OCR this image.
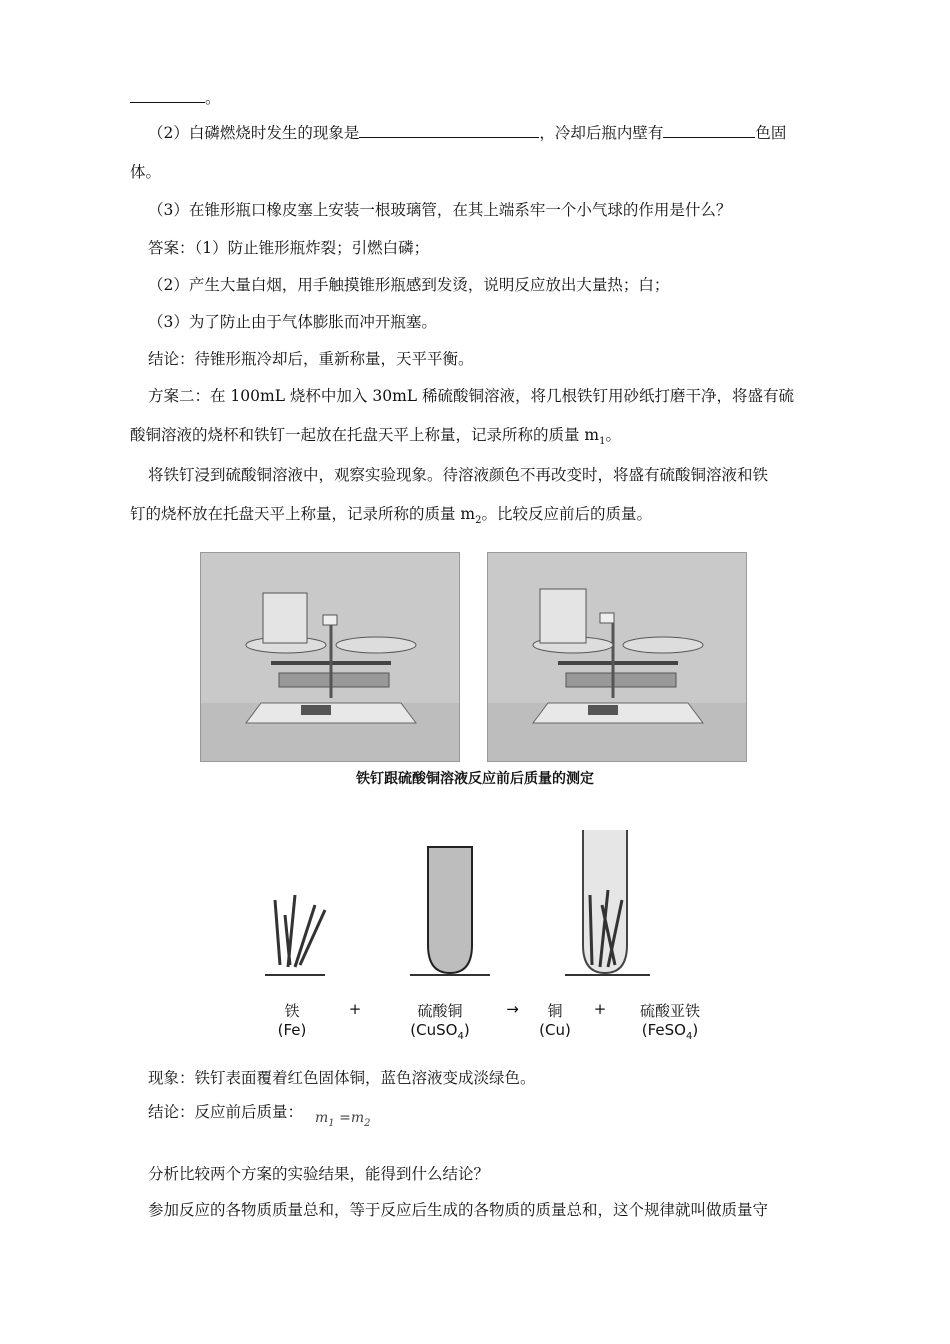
。
（2）白磷燃烧时发生的现象是	，冷却后瓶内壁有	色固
体。
（3）在锥形瓶口橡皮塞上安装一根玻璃管，在其上端系牢一个小气球的作用是什么？
答案：（1）防止锥形瓶炸裂；引燃白磷；
（2）产生大量白烟，用手触摸锥形瓶感到发烫，说明反应放出大量热；白；
（3）为了防止由于气体膨胀而冲开瓶塞。
结论：待锥形瓶冷却后，重新称量，天平平衡。
方案二：在 100mL 烧杯中加入 30mL 稀硫酸铜溶液，将几根铁钉用砂纸打磨干净，将盛有硫
酸铜溶液的烧杯和铁钉一起放在托盘天平上称量，记录所称的质量 $m_1$。
将铁钉浸到硫酸铜溶液中，观察实验现象。待溶液颜色不再改变时，将盛有硫酸铜溶液和铁
钉的烧杯放在托盘天平上称量，记录所称的质量 $m_2$。比较反应前后的质量。
铁钉跟硫酸铜溶液反应前后质量的测定
铁
(Fe)
+	硫酸铜
(CuSO$_4$)
→	铜
(Cu)
+	硫酸亚铁
(FeSO$_4$)
现象：铁钉表面覆着红色固体铜，蓝色溶液变成淡绿色。
结论：反应前后质量： $m_1 =m_2$
分析比较两个方案的实验结果，能得到什么结论？
参加反应的各物质质量总和，等于反应后生成的各物质的质量总和，这个规律就叫做质量守
